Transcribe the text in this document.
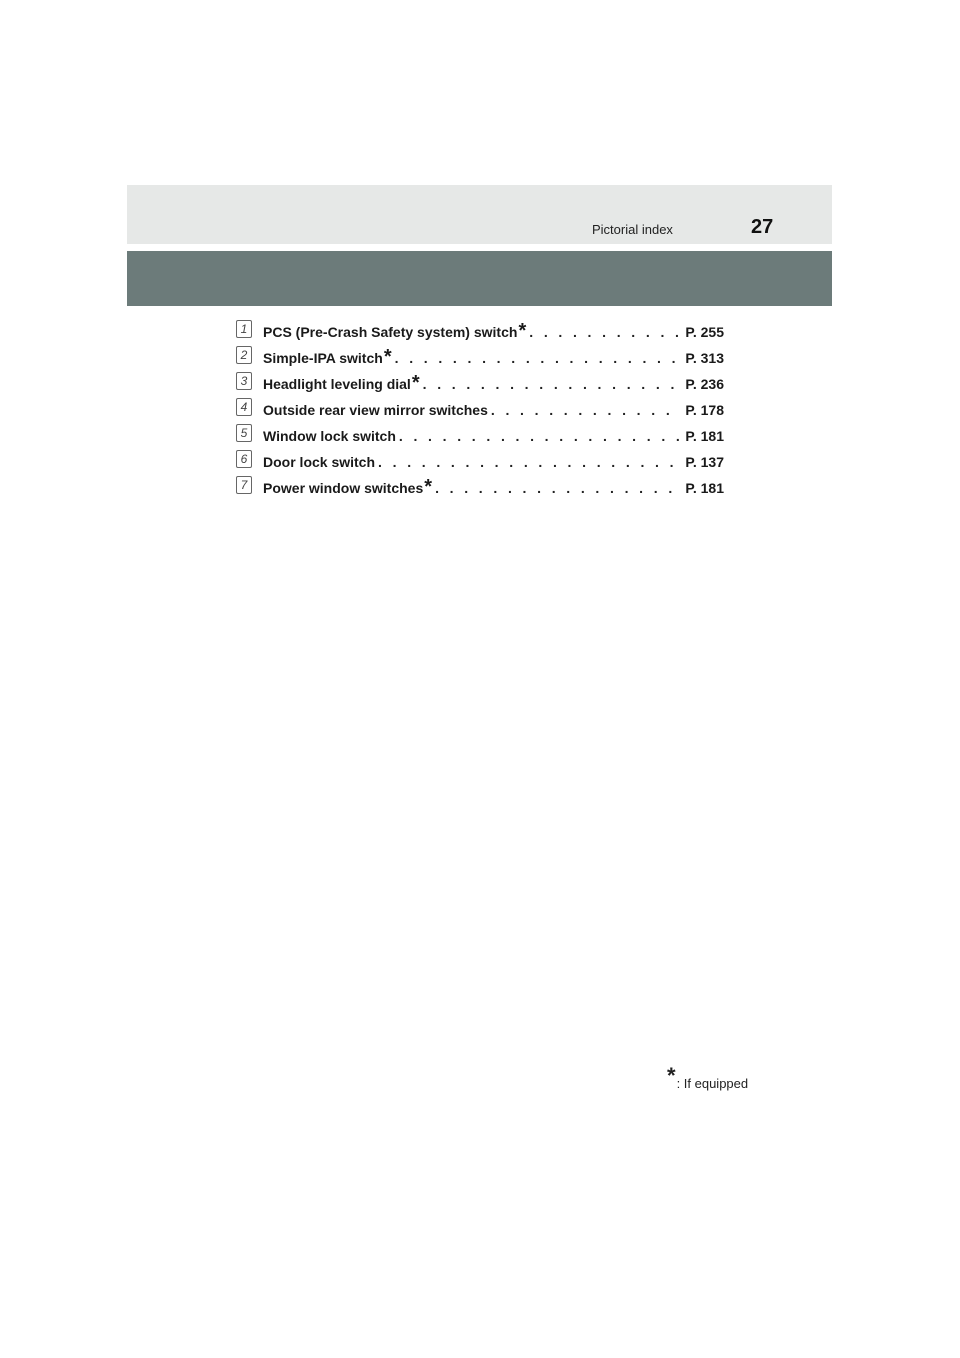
Pictorial index	27
1	PCS (Pre-Crash Safety system) switch * . . .	P. 255
2	Simple-IPA switch * . . .	P. 313
3	Headlight leveling dial * . . .	P. 236
4	Outside rear view mirror switches . . .	P. 178
5	Window lock switch . . .	P. 181
6	Door lock switch . . .	P. 137
7	Power window switches * . . .	P. 181
*: If equipped
